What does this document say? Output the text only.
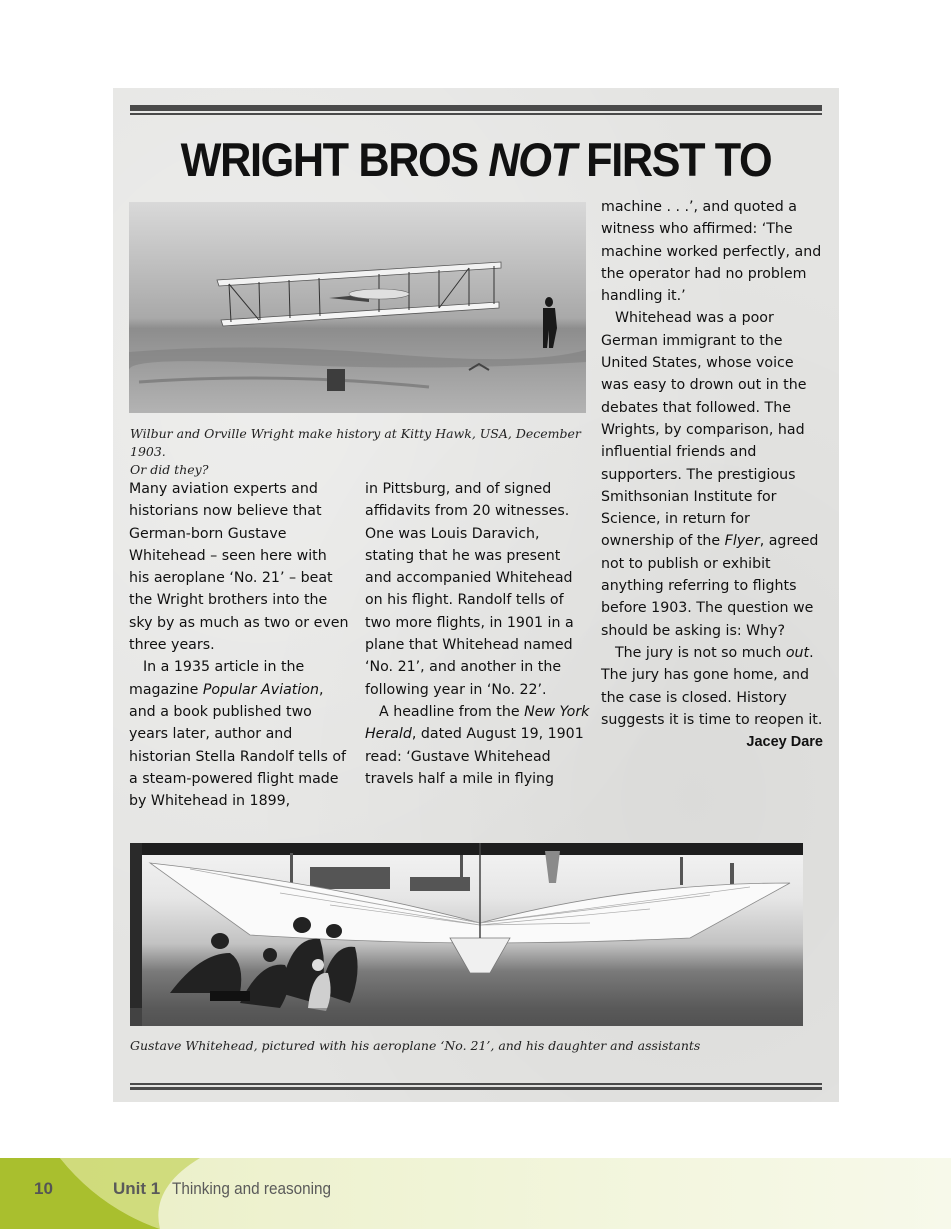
WRIGHT BROS NOT FIRST TO

Wilbur and Orville Wright make history at Kitty Hawk, USA, December 1903.
Or did they?

Many aviation experts and historians now believe that German-born Gustave Whitehead – seen here with his aeroplane ‘No. 21’ – beat the Wright brothers into the sky by as much as two or even three years.

In a 1935 article in the magazine Popular Aviation, and a book published two years later, author and historian Stella Randolf tells of a steam-powered flight made by Whitehead in 1899,

in Pittsburg, and of signed affidavits from 20 witnesses. One was Louis Daravich, stating that he was present and accompanied Whitehead on his flight. Randolf tells of two more flights, in 1901 in a plane that Whitehead named ‘No. 21’, and another in the following year in ‘No. 22’.

A headline from the New York Herald, dated August 19, 1901 read: ‘Gustave Whitehead travels half a mile in flying

machine . . .’, and quoted a witness who affirmed: ‘The machine worked perfectly, and the operator had no problem handling it.’

Whitehead was a poor German immigrant to the United States, whose voice was easy to drown out in the debates that followed. The Wrights, by comparison, had influential friends and supporters. The prestigious Smithsonian Institute for Science, in return for ownership of the Flyer, agreed not to publish or exhibit anything referring to flights before 1903. The question we should be asking is: Why?

The jury is not so much out. The jury has gone home, and the case is closed. History suggests it is time to reopen it.

Jacey Dare

Gustave Whitehead, pictured with his aeroplane ‘No. 21’, and his daughter and assistants

10	Unit 1 Thinking and reasoning
